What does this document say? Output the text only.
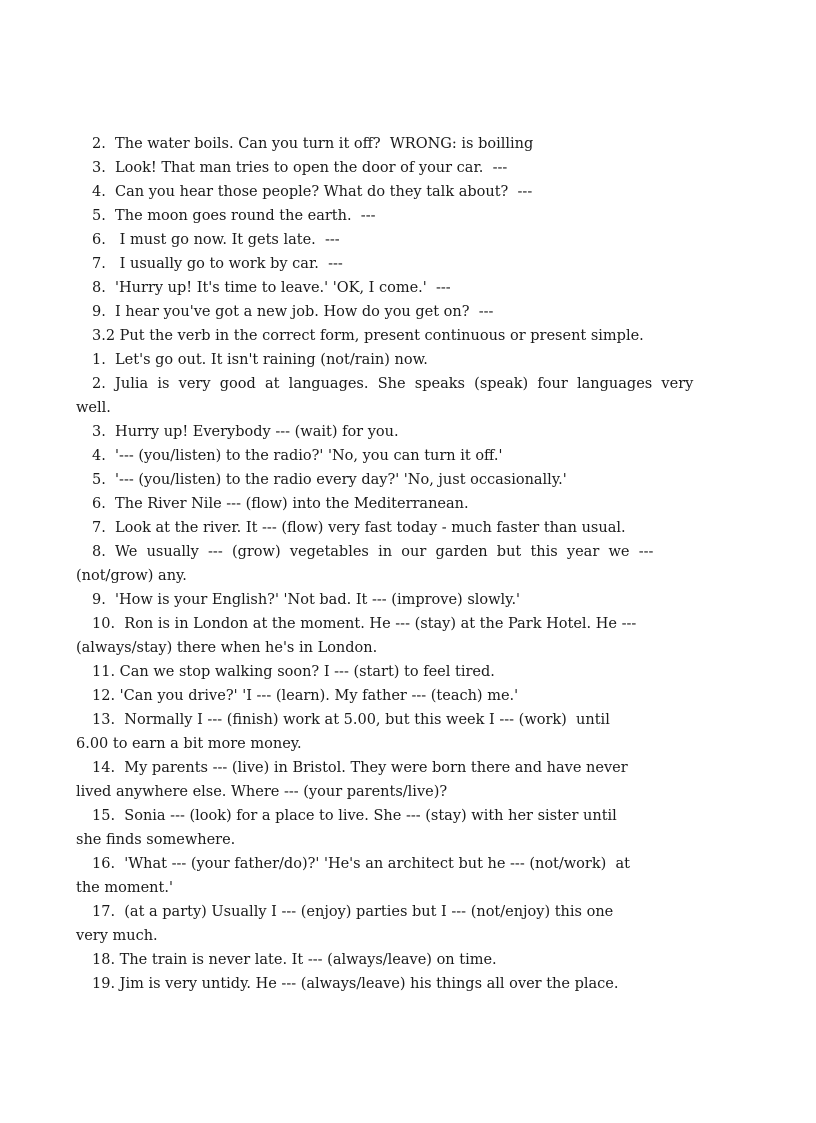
2.  The water boils. Can you turn it off?  WRONG: is boilling
3.  Look! That man tries to open the door of your car.  ---
4.  Can you hear those people? What do they talk about?  ---
5.  The moon goes round the earth.  ---
6.   I must go now. It gets late.  ---
7.   I usually go to work by car.  ---
8.  'Hurry up! It's time to leave.' 'OK, I come.'  ---
9.  I hear you've got a new job. How do you get on?  ---
3.2 Put the verb in the correct form, present continuous or present simple.
1.  Let's go out. It isn't raining (not/rain) now.
2.  Julia  is  very  good  at  languages.  She  speaks  (speak)  four  languages  very
well.
3.  Hurry up! Everybody --- (wait) for you.
4.  '--- (you/listen) to the radio?' 'No, you can turn it off.'
5.  '--- (you/listen) to the radio every day?' 'No, just occasionally.'
6.  The River Nile --- (flow) into the Mediterranean.
7.  Look at the river. It --- (flow) very fast today - much faster than usual.
8.  We  usually  ---  (grow)  vegetables  in  our  garden  but  this  year  we  ---
(not/grow) any.
9.  'How is your English?' 'Not bad. It --- (improve) slowly.'
10.  Ron is in London at the moment. He --- (stay) at the Park Hotel. He ---
(always/stay) there when he's in London.
11. Can we stop walking soon? I --- (start) to feel tired.
12. 'Can you drive?' 'I --- (learn). My father --- (teach) me.'
13.  Normally I --- (finish) work at 5.00, but this week I --- (work)  until
6.00 to earn a bit more money.
14.  My parents --- (live) in Bristol. They were born there and have never
lived anywhere else. Where --- (your parents/live)?
15.  Sonia --- (look) for a place to live. She --- (stay) with her sister until
she finds somewhere.
16.  'What --- (your father/do)?' 'He's an architect but he --- (not/work)  at
the moment.'
17.  (at a party) Usually I --- (enjoy) parties but I --- (not/enjoy) this one
very much.
18. The train is never late. It --- (always/leave) on time.
19. Jim is very untidy. He --- (always/leave) his things all over the place.
